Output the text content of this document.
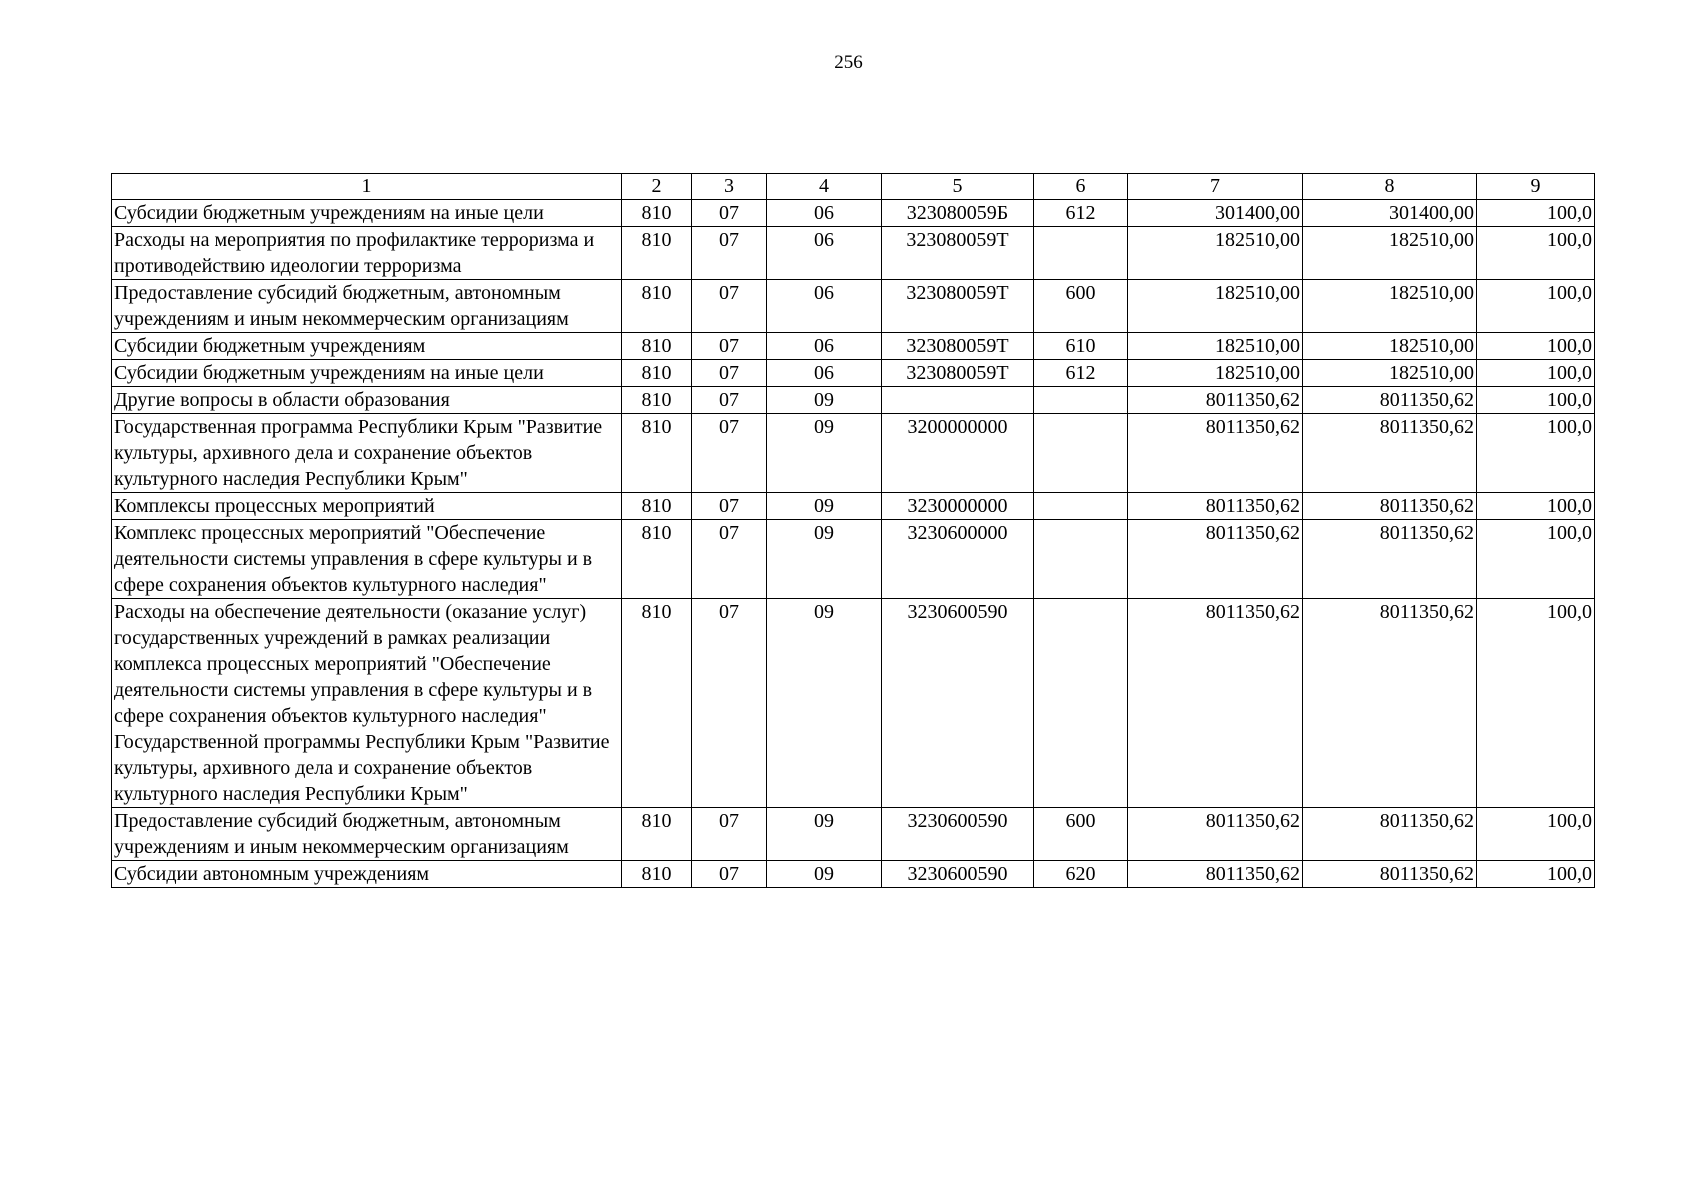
256
1	2	3	4	5	6	7	8	9
Субсидии бюджетным учреждениям на иные цели	810	07	06	323080059Б	612	301400,00	301400,00	100,0
Расходы на мероприятия по профилактике терроризма и противодействию идеологии терроризма	810	07	06	323080059Т		182510,00	182510,00	100,0
Предоставление субсидий бюджетным, автономным учреждениям и иным некоммерческим организациям	810	07	06	323080059Т	600	182510,00	182510,00	100,0
Субсидии бюджетным учреждениям	810	07	06	323080059Т	610	182510,00	182510,00	100,0
Субсидии бюджетным учреждениям на иные цели	810	07	06	323080059Т	612	182510,00	182510,00	100,0
Другие вопросы в области образования	810	07	09			8011350,62	8011350,62	100,0
Государственная программа Республики Крым "Развитие культуры, архивного дела и сохранение объектов культурного наследия Республики Крым"	810	07	09	3200000000		8011350,62	8011350,62	100,0
Комплексы процессных мероприятий	810	07	09	3230000000		8011350,62	8011350,62	100,0
Комплекс процессных мероприятий "Обеспечение деятельности системы управления в сфере культуры и в сфере сохранения объектов культурного наследия"	810	07	09	3230600000		8011350,62	8011350,62	100,0
Расходы на обеспечение деятельности (оказание услуг) государственных учреждений в рамках реализации комплекса процессных мероприятий "Обеспечение деятельности системы управления в сфере культуры и в сфере сохранения объектов культурного наследия" Государственной программы Республики Крым "Развитие культуры, архивного дела и сохранение объектов культурного наследия Республики Крым"	810	07	09	3230600590		8011350,62	8011350,62	100,0
Предоставление субсидий бюджетным, автономным учреждениям и иным некоммерческим организациям	810	07	09	3230600590	600	8011350,62	8011350,62	100,0
Субсидии автономным учреждениям	810	07	09	3230600590	620	8011350,62	8011350,62	100,0
